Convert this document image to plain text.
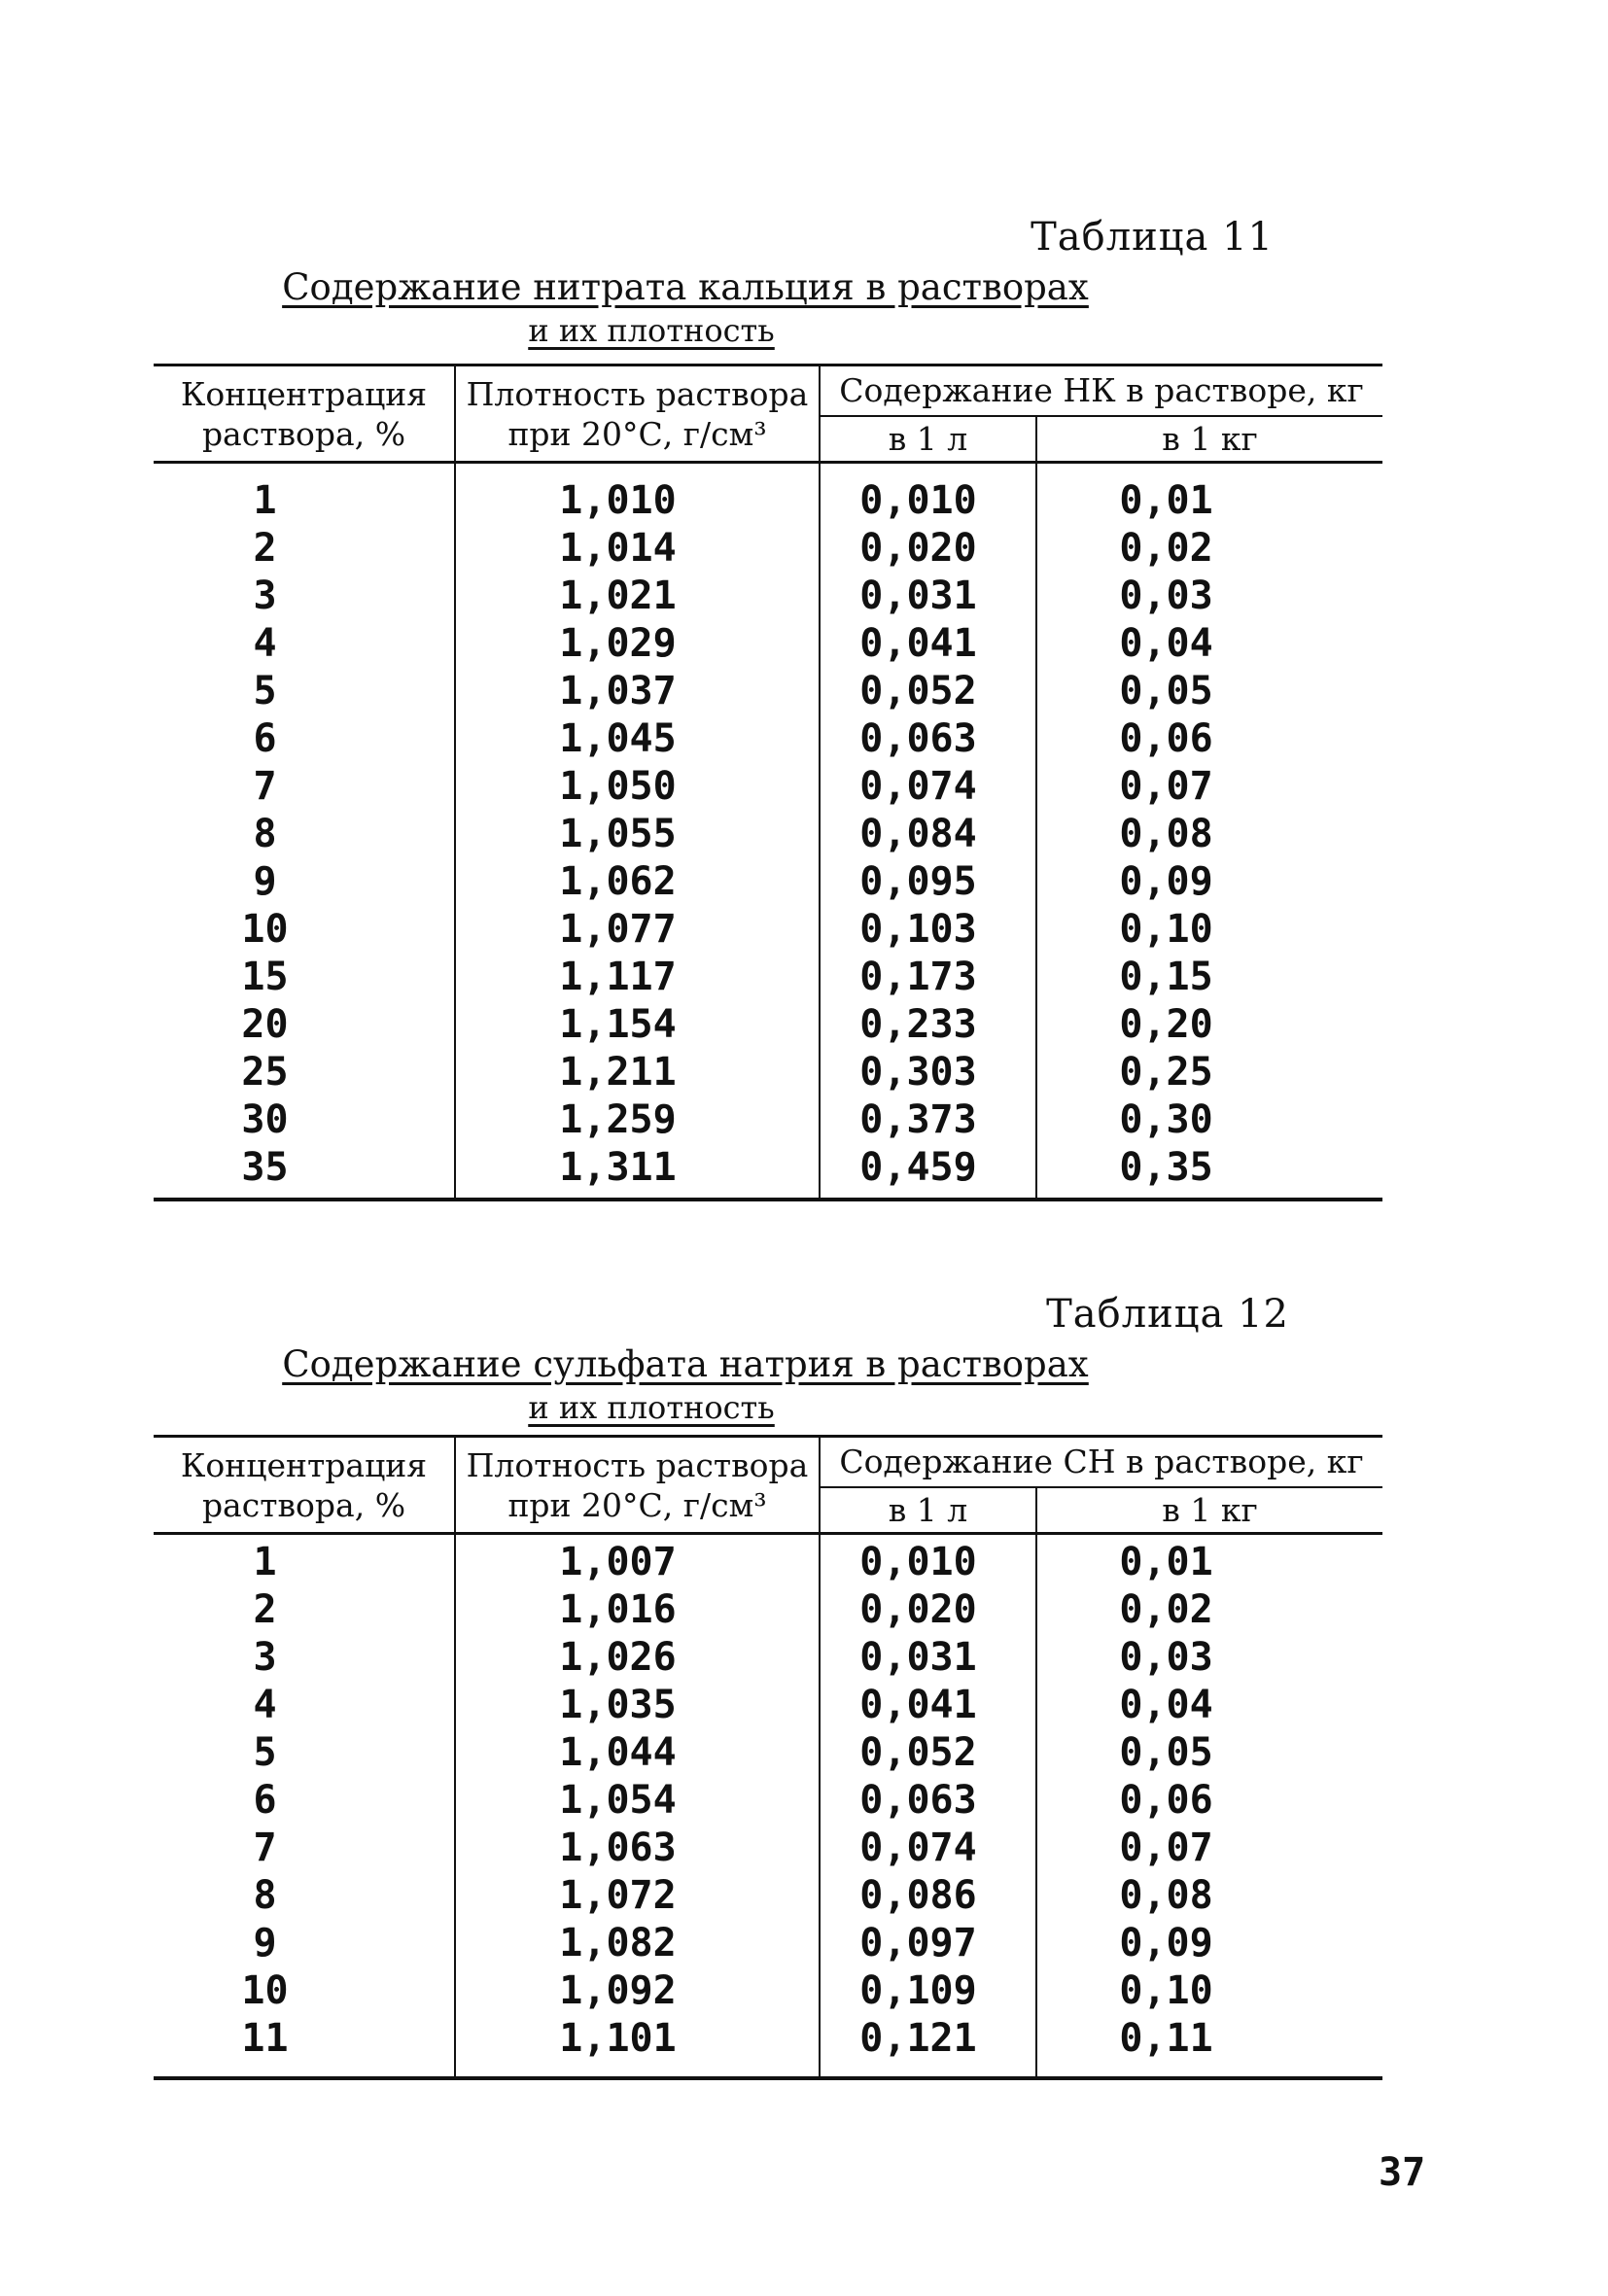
Таблица 11
Содержание нитрата кальция в растворах
и их плотность
Концентрация раствора, %	Плотность раствора при 20°С, г/см³	Содержание НК в растворе, кг	
		в 1 л	в 1 кг
1	1,010	0,010	0,01
2	1,014	0,020	0,02
3	1,021	0,031	0,03
4	1,029	0,041	0,04
5	1,037	0,052	0,05
6	1,045	0,063	0,06
7	1,050	0,074	0,07
8	1,055	0,084	0,08
9	1,062	0,095	0,09
10	1,077	0,103	0,10
15	1,117	0,173	0,15
20	1,154	0,233	0,20
25	1,211	0,303	0,25
30	1,259	0,373	0,30
35	1,311	0,459	0,35
Таблица 12
Содержание сульфата натрия в растворах
и их плотность
Концентрация раствора, %	Плотность раствора при 20°С, г/см³	Содержание СН в растворе, кг	
		в 1 л	в 1 кг
1	1,007	0,010	0,01
2	1,016	0,020	0,02
3	1,026	0,031	0,03
4	1,035	0,041	0,04
5	1,044	0,052	0,05
6	1,054	0,063	0,06
7	1,063	0,074	0,07
8	1,072	0,086	0,08
9	1,082	0,097	0,09
10	1,092	0,109	0,10
11	1,101	0,121	0,11
37
